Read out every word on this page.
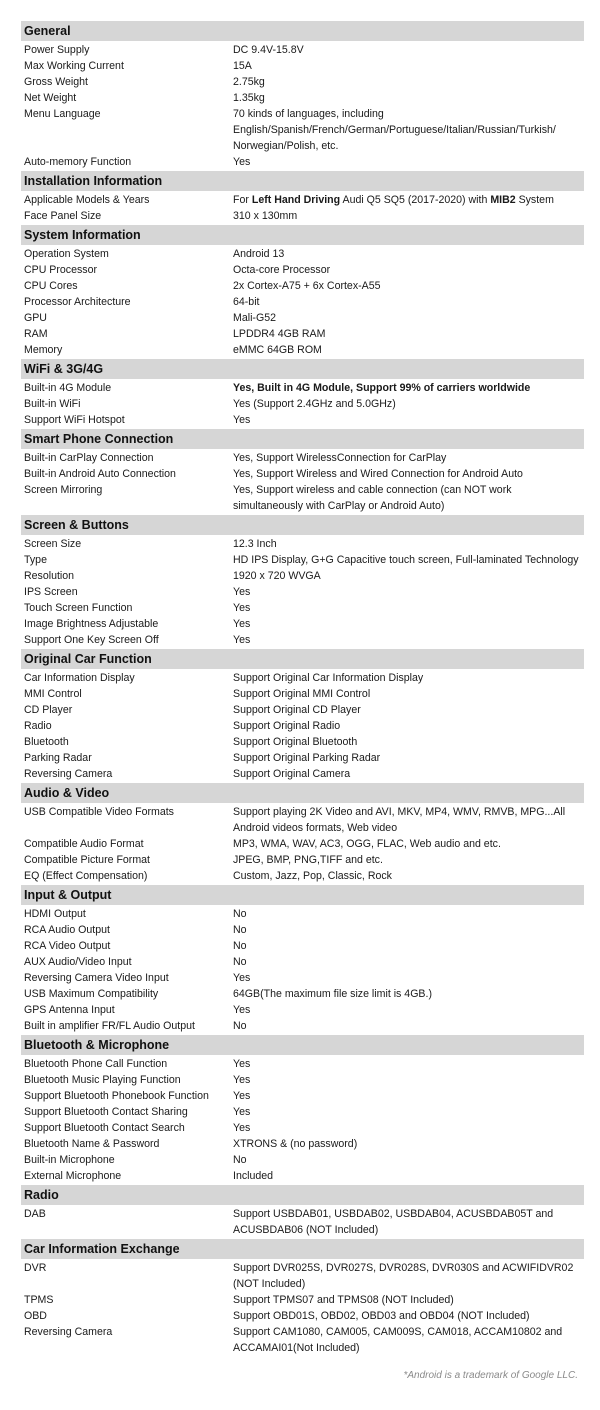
General
Power Supply	DC 9.4V-15.8V
Max Working Current	15A
Gross Weight	2.75kg
Net Weight	1.35kg
Menu Language	70 kinds of languages, including English/Spanish/French/German/Portuguese/Italian/Russian/Turkish/ Norwegian/Polish, etc.
Auto-memory Function	Yes
Installation Information
Applicable Models & Years	For Left Hand Driving Audi Q5 SQ5 (2017-2020) with MIB2 System
Face Panel Size	310 x 130mm
System Information
Operation System	Android 13
CPU Processor	Octa-core Processor
CPU Cores	2x Cortex-A75 + 6x Cortex-A55
Processor Architecture	64-bit
GPU	Mali-G52
RAM	LPDDR4 4GB RAM
Memory	eMMC 64GB ROM
WiFi & 3G/4G
Built-in 4G Module	Yes, Built in 4G Module, Support 99% of carriers worldwide
Built-in WiFi	Yes (Support 2.4GHz and 5.0GHz)
Support WiFi Hotspot	Yes
Smart Phone Connection
Built-in CarPlay Connection	Yes, Support WirelessConnection for CarPlay
Built-in Android Auto Connection	Yes, Support Wireless and Wired Connection for Android Auto
Screen Mirroring	Yes, Support wireless and cable connection (can NOT work simultaneously with CarPlay or Android Auto)
Screen & Buttons
Screen Size	12.3 Inch
Type	HD IPS Display, G+G Capacitive touch screen, Full-laminated Technology
Resolution	1920 x 720 WVGA
IPS Screen	Yes
Touch Screen Function	Yes
Image Brightness Adjustable	Yes
Support One Key Screen Off	Yes
Original Car Function
Car Information Display	Support Original Car Information Display
MMI Control	Support Original MMI Control
CD Player	Support Original CD Player
Radio	Support Original Radio
Bluetooth	Support Original Bluetooth
Parking Radar	Support Original Parking Radar
Reversing Camera	Support Original Camera
Audio & Video
USB Compatible Video Formats	Support playing 2K Video and AVI, MKV, MP4, WMV, RMVB, MPG...All Android videos formats, Web video
Compatible Audio Format	MP3, WMA, WAV, AC3, OGG, FLAC, Web audio and etc.
Compatible Picture Format	JPEG, BMP, PNG,TIFF and etc.
EQ (Effect Compensation)	Custom, Jazz, Pop, Classic, Rock
Input & Output
HDMI Output	No
RCA Audio Output	No
RCA Video Output	No
AUX Audio/Video Input	No
Reversing Camera Video Input	Yes
USB Maximum Compatibility	64GB(The maximum file size limit is 4GB.)
GPS Antenna Input	Yes
Built in amplifier FR/FL Audio Output	No
Bluetooth & Microphone
Bluetooth Phone Call Function	Yes
Bluetooth Music Playing Function	Yes
Support Bluetooth Phonebook Function	Yes
Support Bluetooth Contact Sharing	Yes
Support Bluetooth Contact Search	Yes
Bluetooth Name & Password	XTRONS & (no password)
Built-in Microphone	No
External Microphone	Included
Radio
DAB	Support USBDAB01, USBDAB02, USBDAB04, ACUSBDAB05T and ACUSBDAB06 (NOT Included)
Car Information Exchange
DVR	Support DVR025S, DVR027S, DVR028S, DVR030S and ACWIFIDVR02 (NOT Included)
TPMS	Support TPMS07 and TPMS08 (NOT Included)
OBD	Support OBD01S, OBD02, OBD03 and OBD04 (NOT Included)
Reversing Camera	Support CAM1080, CAM005, CAM009S, CAM018, ACCAM10802 and ACCAMAI01(Not Included)
*Android is a trademark of Google LLC.
